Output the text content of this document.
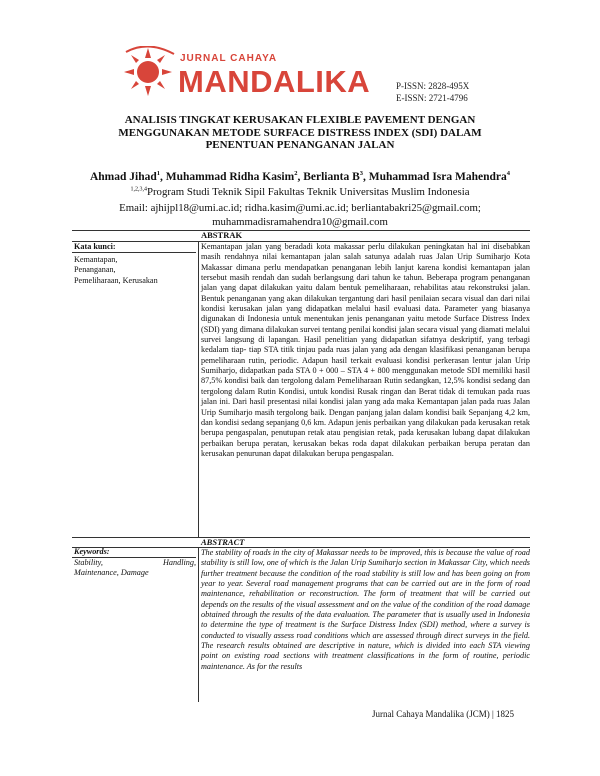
JURNAL CAHAYA
MANDALIKA	P-ISSN: 2828-495X
E-ISSN: 2721-4796
ANALISIS TINGKAT KERUSAKAN FLEXIBLE PAVEMENT DENGAN
MENGGUNAKAN METODE SURFACE DISTRESS INDEX (SDI) DALAM
PENENTUAN PENANGANAN JALAN
Ahmad Jihad$^1$, Muhammad Ridha Kasim$^2$, Berlianta $B^3$, Muhammad Isra Mahendra$^4$
$^{1,2,3,4}$Program Studi Teknik Sipil Fakultas Teknik Universitas Muslim Indonesia
Email: ajhijpl18@umi.ac.id; ridha.kasim@umi.ac.id; berliantabakri25@gmail.com;
muhammadisramahendra10@gmail.com
ABSTRAK
Kata kunci:
Kemantapan,
Penanganan,
Pemeliharaan, Kerusakan
Kemantapan jalan yang beradadi kota makassar perlu dilakukan peningkatan hal ini disebabkan masih rendahnya nilai kemantapan jalan salah satunya adalah ruas Jalan Urip Sumiharjo Kota Makassar dimana perlu mendapatkan penanganan lebih lanjut karena kondisi kemantapan jalan tersebut masih rendah dan sudah berlangsung dari tahun ke tahun. Beberapa program penanganan jalan yang dapat dilakukan yaitu dalam bentuk pemeliharaan, rehabilitas atau rekonstruksi jalan. Bentuk penanganan yang akan dilakukan tergantung dari hasil penilaian secara visual dan dari nilai kondisi kerusakan jalan yang didapatkan melalui hasil evaluasi data. Parameter yang biasanya digunakan di Indonesia untuk menentukan jenis penanganan yaitu metode Surface Distress Index (SDI) yang dimana dilakukan survei tentang penilai kondisi jalan secara visual yang diamati melalui survei langsung di lapangan. Hasil penelitian yang didapatkan sifatnya deskriptif, yang terbagi kedalam tiap- tiap STA titik tinjau pada ruas jalan yang ada dengan klasifikasi penanganan berupa pemeliharaan rutin, periodic. Adapun hasil terkait evaluasi kondisi perkerasan lentur jalan Urip Sumiharjo, didapatkan pada STA 0 + 000 – STA 4 + 800 menggunakan metode SDI memiliki hasil 87,5% kondisi baik dan tergolong dalam Pemeliharaan Rutin sedangkan, 12,5% kondisi sedang dan tergolong dalam Rutin Kondisi, untuk kondisi Rusak ringan dan Berat tidak di temukan pada ruas jalan ini. Dari hasil presentasi nilai kondisi jalan yang ada maka Kemantapan jalan pada ruas Jalan Urip Sumiharjo masih tergolong baik. Dengan panjang jalan dalam kondisi baik Sepanjang 4,2 km, dan kondisi sedang sepanjang 0,6 km. Adapun jenis perbaikan yang dilakukan pada kerusakan retak berupa pengaspalan, penutupan retak atau pengisian retak, pada kerusakan lubang dapat dilakukan perbaikan berupa peratan, kerusakan bekas roda dapat dilakukan perbaikan berupa peratan dan kerusakan penurunan dapat dilakukan berupa pengaspalan.
ABSTRACT
Keywords:
Stability,	Handling,
Maintenance, Damage
The stability of roads in the city of Makassar needs to be improved, this is because the value of road stability is still low, one of which is the Jalan Urip Sumiharjo section in Makassar City, which needs further treatment because the condition of the road stability is still low and has been going on from year to year. Several road management programs that can be carried out are in the form of road maintenance, rehabilitation or reconstruction. The form of treatment that will be carried out depends on the results of the visual assessment and on the value of the condition of the road damage obtained through the results of the data evaluation. The parameter that is usually used in Indonesia to determine the type of treatment is the Surface Distress Index (SDI) method, where a survey is conducted to visually assess road conditions which are assessed through direct surveys in the field. The research results obtained are descriptive in nature, which is divided into each STA viewing point on existing road sections with treatment classifications in the form of routine, periodic maintenance. As for the results
Jurnal Cahaya Mandalika (JCM) | 1825
